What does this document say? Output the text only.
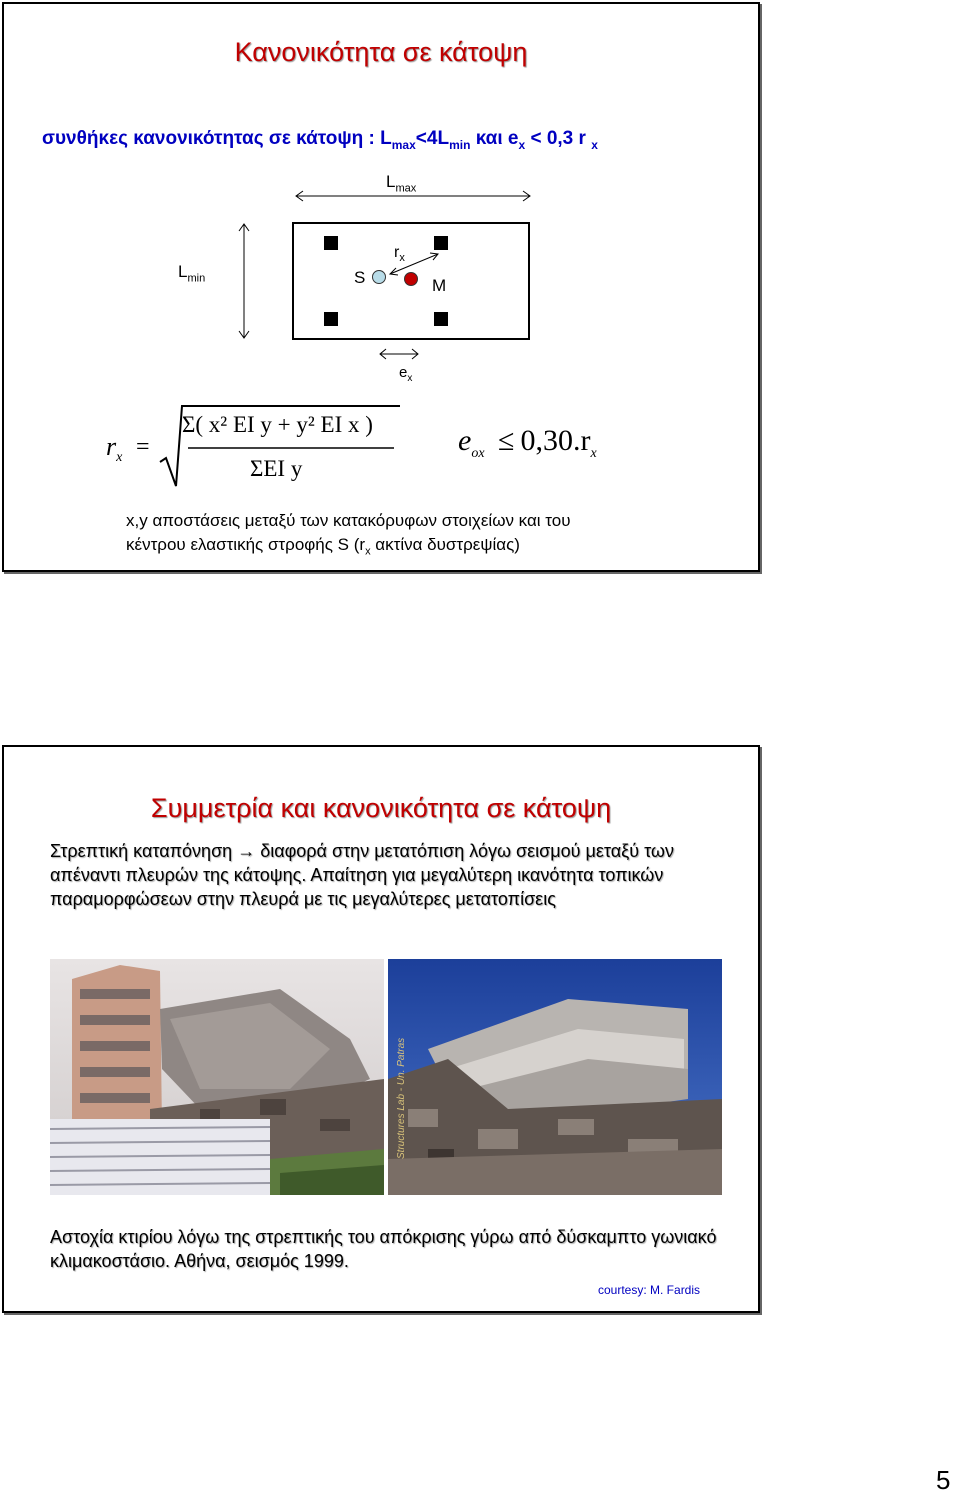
Κανονικότητα σε κάτοψη
συνθήκες κανονικότητας σε κάτοψη : $L_{max}<4L_{min}$ και $e_x < 0,3$ r $_x$
$L_{max}$
$L_{min}$	S	M
$r_x$
$e_x$
$r_x$ =
Σ( x² EI y + y² EI x )
ΣEI y
$e_{ox} \le 0,30.r_x$
x,y αποστάσεις μεταξύ των κατακόρυφων στοιχείων και του
κέντρου ελαστικής στροφής S ($r_x$ ακτίνα δυστρεψίας)
Συμμετρία και κανονικότητα σε κάτοψη
Στρεπτική καταπόνηση → διαφορά στην μετατόπιση λόγω σεισμού μεταξύ των απέναντι πλευρών της κάτοψης. Απαίτηση για μεγαλύτερη ικανότητα τοπικών παραμορφώσεων στην πλευρά με τις μεγαλύτερες μετατοπίσεις
Structures Lab - Un. Patras
Αστοχία κτιρίου λόγω της στρεπτικής του απόκρισης γύρω από δύσκαμπτο γωνιακό κλιμακοστάσιο. Αθήνα, σεισμός 1999.
courtesy: M. Fardis
5
